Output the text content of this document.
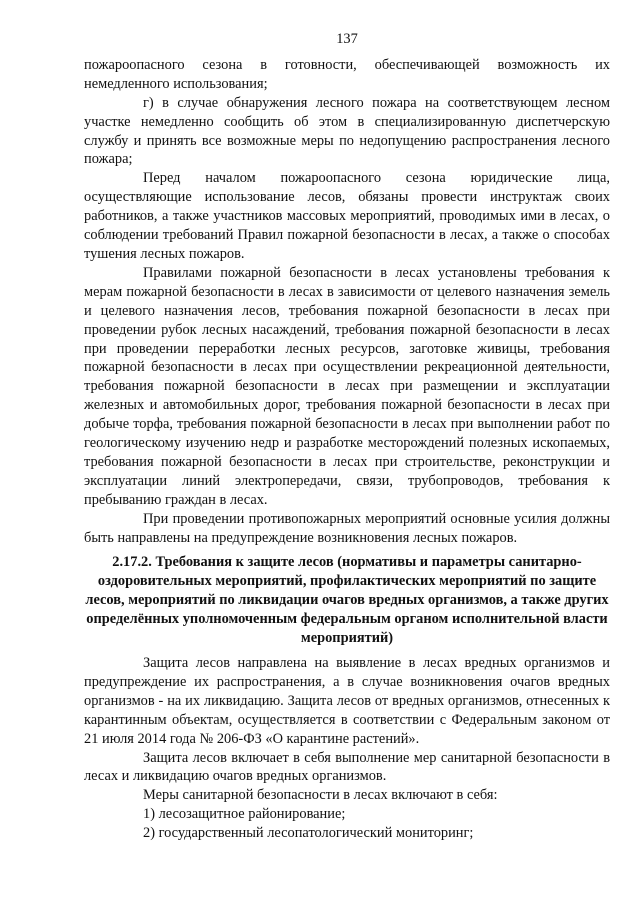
137

пожароопасного сезона в готовности, обеспечивающей возможность их немедленного использования;

г) в случае обнаружения лесного пожара на соответствующем лесном участке немедленно сообщить об этом в специализированную диспетчерскую службу и принять все возможные меры по недопущению распространения лесного пожара;

Перед началом пожароопасного сезона юридические лица, осуществляющие использование лесов, обязаны провести инструктаж своих работников, а также участников массовых мероприятий, проводимых ими в лесах, о соблюдении требований Правил пожарной безопасности в лесах, а также о способах тушения лесных пожаров.

Правилами пожарной безопасности в лесах установлены требования к мерам пожарной безопасности в лесах в зависимости от целевого назначения земель и целевого назначения лесов, требования пожарной безопасности в лесах при проведении рубок лесных насаждений, требования пожарной безопасности в лесах при проведении переработки лесных ресурсов, заготовке живицы, требования пожарной безопасности в лесах при осуществлении рекреационной деятельности, требования пожарной безопасности в лесах при размещении и эксплуатации железных и автомобильных дорог, требования пожарной безопасности в лесах при добыче торфа, требования пожарной безопасности в лесах при выполнении работ по геологическому изучению недр и разработке месторождений полезных ископаемых, требования пожарной безопасности в лесах при строительстве, реконструкции и эксплуатации линий электропередачи, связи, трубопроводов, требования к пребыванию граждан в лесах.

При проведении противопожарных мероприятий основные усилия должны быть направлены на предупреждение возникновения лесных пожаров.

2.17.2. Требования к защите лесов (нормативы и параметры санитарно-оздоровительных мероприятий, профилактических мероприятий по защите лесов, мероприятий по ликвидации очагов вредных организмов, а также других определённых уполномоченным федеральным органом исполнительной власти мероприятий)

Защита лесов направлена на выявление в лесах вредных организмов и предупреждение их распространения, а в случае возникновения очагов вредных организмов - на их ликвидацию. Защита лесов от вредных организмов, отнесенных к карантинным объектам, осуществляется в соответствии с Федеральным законом от 21 июля 2014 года № 206-ФЗ «О карантине растений».

Защита лесов включает в себя выполнение мер санитарной безопасности в лесах и ликвидацию очагов вредных организмов.

Меры санитарной безопасности в лесах включают в себя:

1) лесозащитное районирование;

2) государственный лесопатологический мониторинг;
